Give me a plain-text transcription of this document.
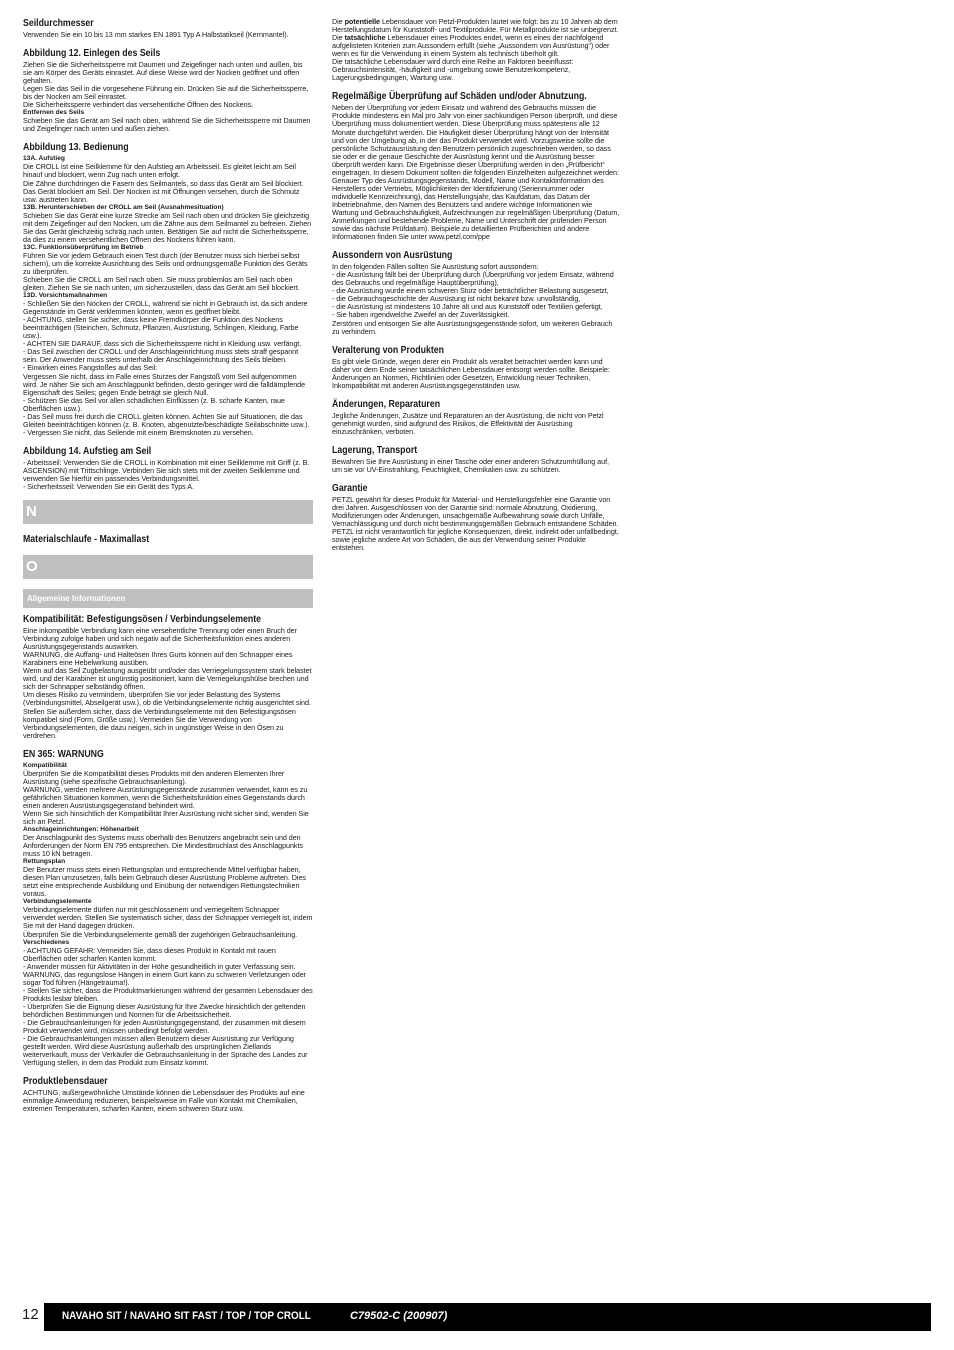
Seildurchmesser

Verwenden Sie ein 10 bis 13 mm starkes EN 1891 Typ A Halbstatikseil (Kernmantel).

Abbildung 12. Einlegen des Seils

Ziehen Sie die Sicherheitssperre mit Daumen und Zeigefinger nach unten und außen, bis sie am Körper des Geräts einrastet. Auf diese Weise wird der Nocken geöffnet und offen gehalten.
Legen Sie das Seil in die vorgesehene Führung ein. Drücken Sie auf die Sicherheitssperre, bis der Nocken am Seil einrastet.
Die Sicherheitssperre verhindert das versehentliche Öffnen des Nockens.

Entfernen des Seils

Schieben Sie das Gerät am Seil nach oben, während Sie die Sicherheitssperre mit Daumen und Zeigefinger nach unten und außen ziehen.

Abbildung 13. Bedienung
13A. Aufstieg

Die CROLL ist eine Seilklemme für den Aufstieg am Arbeitsseil. Es gleitet leicht am Seil hinauf und blockiert, wenn Zug nach unten erfolgt.
Die Zähne durchdringen die Fasern des Seilmantels, so dass das Gerät am Seil blockiert. Das Gerät blockiert am Seil. Der Nocken ist mit Öffnungen versehen, durch die Schmutz usw. austreten kann.

13B. Herunterschieben der CROLL am Seil (Ausnahmesituation)

Schieben Sie das Gerät eine kurze Strecke am Seil nach oben und drücken Sie gleichzeitig mit dem Zeigefinger auf den Nocken, um die Zähne aus dem Seilmantel zu befreien. Ziehen Sie das Gerät gleichzeitig schräg nach unten. Betätigen Sie auf nicht die Sicherheitssperre, da dies zu einem versehentlichen Öffnen des Nockens führen kann.

13C. Funktionsüberprüfung im Betrieb

Führen Sie vor jedem Gebrauch einen Test durch (der Benutzer muss sich hierbei selbst sichern), um die korrekte Ausrichtung des Seils und ordnungsgemäße Funktion des Geräts zu überprüfen.
Schieben Sie die CROLL am Seil nach oben. Sie muss problemlos am Seil nach oben gleiten. Ziehen Sie sie nach unten, um sicherzustellen, dass das Gerät am Seil blockiert.

13D. Vorsichtsmaßnahmen

- Schließen Sie den Nocken der CROLL, während sie nicht in Gebrauch ist, da sich andere Gegenstände im Gerät verklemmen könnten, wenn es geöffnet bleibt.
- ACHTUNG, stellen Sie sicher, dass keine Fremdkörper die Funktion des Nockens beeinträchtigen (Steinchen, Schmutz, Pflanzen, Ausrüstung, Schlingen, Kleidung, Farbe usw.).
- ACHTEN SIE DARAUF, dass sich die Sicherheitssperre nicht in Kleidung usw. verfängt.
- Das Seil zwischen der CROLL und der Anschlageinrichtung muss stets straff gespannt sein. Der Anwender muss stets unterhalb der Anschlageinrichtung des Seils bleiben.
- Einwirken eines Fangstoßes auf das Seil:
Vergessen Sie nicht, dass im Falle eines Sturzes der Fangstoß vom Seil aufgenommen wird. Je näher Sie sich am Anschlagpunkt befinden, desto geringer wird die falldämpfende Eigenschaft des Seiles; gegen Ende beträgt sie gleich Null.
- Schützen Sie das Seil vor allen schädlichen Einflüssen (z. B. scharfe Kanten, raue Oberflächen usw.).
- Das Seil muss frei durch die CROLL gleiten können. Achten Sie auf Situationen, die das Gleiten beeinträchtigen können (z. B. Knoten, abgenutzte/beschädigte Seilabschnitte usw.).
- Vergessen Sie nicht, das Seilende mit einem Bremsknoten zu versehen.

Abbildung 14. Aufstieg am Seil

- Arbeitsseil: Verwenden Sie die CROLL in Kombination mit einer Seilklemme mit Griff (z. B. ASCENSION) mit Trittschlinge. Verbinden Sie sich stets mit der zweiten Seilklemme und verwenden Sie hierfür ein passendes Verbindungsmittel.
- Sicherheitsseil: Verwenden Sie ein Gerät des Typs A.

N
Materialschlaufe - Maximallast
O
Allgemeine Informationen
Kompatibilität: Befestigungsösen / Verbindungselemente

Eine inkompatible Verbindung kann eine versehentliche Trennung oder einen Bruch der Verbindung zufolge haben und sich negativ auf die Sicherheitsfunktion eines anderen Ausrüstungsgegenstands auswirken.
WARNUNG, die Auffang- und Halteösen Ihres Gurts können auf den Schnapper eines Karabiners eine Hebelwirkung ausüben.
Wenn auf das Seil Zugbelastung ausgeübt und/oder das Verriegelungssystem stark belastet wird, und der Karabiner ist ungünstig positioniert, kann die Verriegelungshülse brechen und sich der Schnapper selbständig öffnen.
Um dieses Risiko zu vermindern, überprüfen Sie vor jeder Belastung des Systems (Verbindungsmittel, Abseilgerät usw.), ob die Verbindungselemente richtig ausgerichtet sind.
Stellen Sie außerdem sicher, dass die Verbindungselemente mit den Befestigungsösen kompatibel sind (Form, Größe usw.). Vermeiden Sie die Verwendung von Verbindungselementen, die dazu neigen, sich in ungünstiger Weise in den Ösen zu verdrehen.

EN 365: WARNUNG
Kompatibilität

Überprüfen Sie die Kompatibilität dieses Produkts mit den anderen Elementen Ihrer Ausrüstung (siehe spezifische Gebrauchsanleitung).
WARNUNG, werden mehrere Ausrüstungsgegenstände zusammen verwendet, kann es zu gefährlichen Situationen kommen, wenn die Sicherheitsfunktion eines Gegenstands durch einen anderen Ausrüstungsgegenstand behindert wird.
Wenn Sie sich hinsichtlich der Kompatibilität Ihrer Ausrüstung nicht sicher sind, wenden Sie sich an Petzl.

Anschlageinrichtungen: Höhenarbeit

Der Anschlagpunkt des Systems muss oberhalb des Benutzers angebracht sein und den Anforderungen der Norm EN 795 entsprechen. Die Mindestbruchlast des Anschlagpunkts muss 10 kN betragen.

Rettungsplan

Der Benutzer muss stets einen Rettungsplan und entsprechende Mittel verfügbar haben, diesen Plan umzusetzen, falls beim Gebrauch dieser Ausrüstung Probleme auftreten. Dies setzt eine entsprechende Ausbildung und Einübung der notwendigen Rettungstechniken voraus.

Verbindungselemente

Verbindungselemente dürfen nur mit geschlossenem und verriegeltem Schnapper verwendet werden. Stellen Sie systematisch sicher, dass der Schnapper verriegelt ist, indem Sie mit der Hand dagegen drücken.
Überprüfen Sie die Verbindungselemente gemäß der zugehörigen Gebrauchsanleitung.

Verschiedenes

- ACHTUNG GEFAHR: Vermeiden Sie, dass dieses Produkt in Kontakt mit rauen Oberflächen oder scharfen Kanten kommt.
- Anwender müssen für Aktivitäten in der Höhe gesundheitlich in guter Verfassung sein. WARNUNG, das regungslose Hängen in einem Gurt kann zu schweren Verletzungen oder sogar Tod führen (Hängetrauma!).
- Stellen Sie sicher, dass die Produktmarkierungen während der gesamten Lebensdauer des Produkts lesbar bleiben.
- Überprüfen Sie die Eignung dieser Ausrüstung für Ihre Zwecke hinsichtlich der geltenden behördlichen Bestimmungen und Normen für die Arbeitssicherheit.
- Die Gebrauchsanleitungen für jeden Ausrüstungsgegenstand, der zusammen mit diesem Produkt verwendet wird, müssen unbedingt befolgt werden.
- Die Gebrauchsanleitungen müssen allen Benutzern dieser Ausrüstung zur Verfügung gestellt werden. Wird diese Ausrüstung außerhalb des ursprünglichen Ziellands weiterverkauft, muss der Verkäufer die Gebrauchsanleitung in der Sprache des Landes zur Verfügung stellen, in dem das Produkt zum Einsatz kommt.

Produktlebensdauer

ACHTUNG, außergewöhnliche Umstände können die Lebensdauer des Produkts auf eine einmalige Anwendung reduzieren, beispielsweise im Falle von Kontakt mit Chemikalien, extremen Temperaturen, scharfen Kanten, einem schweren Sturz usw.

Die potentielle Lebensdauer von Petzl-Produkten lautet wie folgt: bis zu 10 Jahren ab dem Herstellungsdatum für Kunststoff- und Textilprodukte. Für Metallprodukte ist sie unbegrenzt.
Die tatsächliche Lebensdauer eines Produktes endet, wenn es eines der nachfolgend aufgelisteten Kriterien zum Aussondern erfüllt (siehe „Aussondern von Ausrüstung“) oder wenn es für die Verwendung in einem System als technisch überholt gilt.
Die tatsächliche Lebensdauer wird durch eine Reihe an Faktoren beeinflusst: Gebrauchsintensität, -häufigkeit und -umgebung sowie Benutzerkompetenz, Lagerungsbedingungen, Wartung usw.

Regelmäßige Überprüfung auf Schäden und/oder Abnutzung.

Neben der Überprüfung vor jedem Einsatz und während des Gebrauchs müssen die Produkte mindestens ein Mal pro Jahr von einer sachkundigen Person überprüft, und diese Überprüfung muss dokumentiert werden. Diese Überprüfung muss spätestens alle 12 Monate durchgeführt werden. Die Häufigkeit dieser Überprüfung hängt von der Intensität und von der Umgebung ab, in der das Produkt verwendet wird. Vorzugsweise sollte die persönliche Schutzausrüstung den Benutzern persönlich zugeschrieben werden, so dass sie oder er die genaue Geschichte der Ausrüstung kennt und die Ausrüstung besser überprüft werden kann. Die Ergebnisse dieser Überprüfung werden in den „Prüfbericht“ eingetragen. In diesem Dokument sollten die folgenden Einzelheiten aufgezeichnet werden: Genauer Typ des Ausrüstungsgegenstands, Modell, Name und Kontaktinformation des Herstellers oder Vertriebs, Möglichkeiten der Identifizierung (Seriennummer oder individuelle Kennzeichnung), das Herstellungsjahr, das Kaufdatum, das Datum der Inbetriebnahme, den Namen des Benutzers und andere wichtige Informationen wie Wartung und Gebrauchshäufigkeit, Aufzeichnungen zur regelmäßigen Überprüfung (Datum, Anmerkungen und bestehende Probleme, Name und Unterschrift der prüfenden Person sowie das nächste Prüfdatum). Beispiele zu detaillierten Prüfberichten und andere Informationen finden Sie unter www.petzl.com/ppe

Aussondern von Ausrüstung

In den folgenden Fällen sollten Sie Ausrüstung sofort aussondern:
- die Ausrüstung fällt bei der Überprüfung durch (Überprüfung vor jedem Einsatz, während des Gebrauchs und regelmäßige Hauptüberprüfung),
- die Ausrüstung wurde einem schweren Sturz oder beträchtlicher Belastung ausgesetzt,
- die Gebrauchsgeschichte der Ausrüstung ist nicht bekannt bzw. unvollständig,
- die Ausrüstung ist mindestens 10 Jahre alt und aus Kunststoff oder Textilien gefertigt,
- Sie haben irgendwelche Zweifel an der Zuverlässigkeit.
Zerstören und entsorgen Sie alte Ausrüstungsgegenstände sofort, um weiteren Gebrauch zu verhindern.

Veralterung von Produkten

Es gibt viele Gründe, wegen derer ein Produkt als veraltet betrachtet werden kann und daher vor dem Ende seiner tatsächlichen Lebensdauer entsorgt werden sollte. Beispiele: Änderungen an Normen, Richtlinien oder Gesetzen, Entwicklung neuer Techniken, Inkompatibilität mit anderen Ausrüstungsgegenständen usw.

Änderungen, Reparaturen

Jegliche Änderungen, Zusätze und Reparaturen an der Ausrüstung, die nicht von Petzl genehmigt wurden, sind aufgrund des Risikos, die Effektivität der Ausrüstung einzuschränken, verboten.

Lagerung, Transport

Bewahren Sie Ihre Ausrüstung in einer Tasche oder einer anderen Schutzumhüllung auf, um sie vor UV-Einstrahlung, Feuchtigkeit, Chemikalien usw. zu schützen.

Garantie

PETZL gewährt für dieses Produkt für Material- und Herstellungsfehler eine Garantie von drei Jahren. Ausgeschlossen von der Garantie sind: normale Abnutzung, Oxidierung, Modifizierungen oder Änderungen, unsachgemäße Aufbewahrung sowie durch Unfälle, Vernachlässigung und durch nicht bestimmungsgemäßen Gebrauch entstandene Schäden.
PETZL ist nicht verantwortlich für jegliche Konsequenzen, direkt, indirekt oder unfallbedingt, sowie jegliche andere Art von Schäden, die aus der Verwendung seiner Produkte entstehen.

12 NAVAHO SIT / NAVAHO SIT FAST / TOP / TOP CROLL	C79502-C (200907)
